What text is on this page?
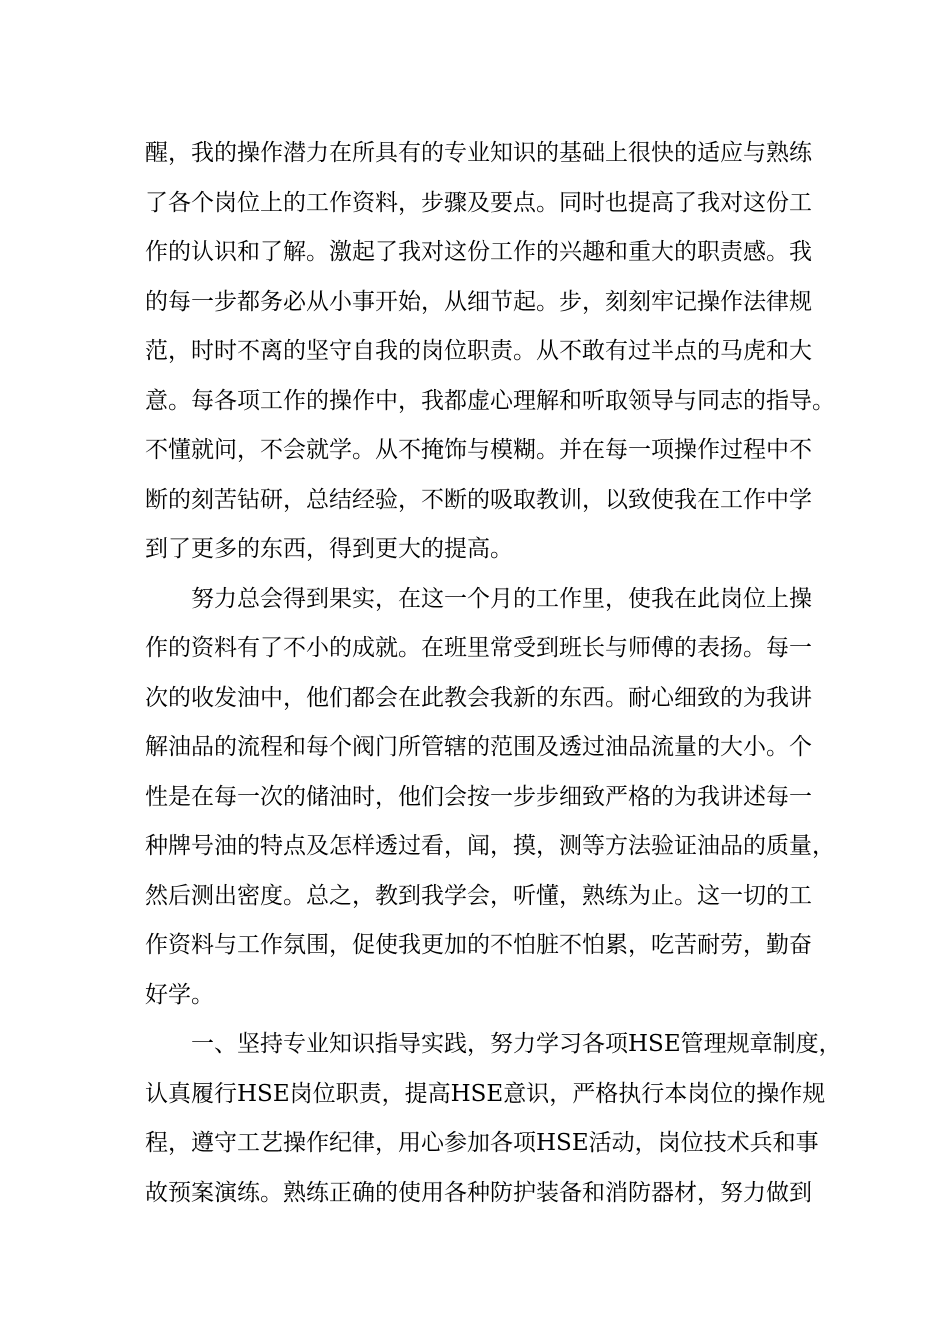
醒，我的操作潜力在所具有的专业知识的基础上很快的适应与熟练
了各个岗位上的工作资料，步骤及要点。同时也提高了我对这份工
作的认识和了解。激起了我对这份工作的兴趣和重大的职责感。我
的每一步都务必从小事开始，从细节起。步，刻刻牢记操作法律规
范，时时不离的坚守自我的岗位职责。从不敢有过半点的马虎和大
意。每各项工作的操作中，我都虚心理解和听取领导与同志的指导。
不懂就问，不会就学。从不掩饰与模糊。并在每一项操作过程中不
断的刻苦钻研，总结经验，不断的吸取教训，以致使我在工作中学
到了更多的东西，得到更大的提高。
努力总会得到果实，在这一个月的工作里，使我在此岗位上操
作的资料有了不小的成就。在班里常受到班长与师傅的表扬。每一
次的收发油中，他们都会在此教会我新的东西。耐心细致的为我讲
解油品的流程和每个阀门所管辖的范围及透过油品流量的大小。个
性是在每一次的储油时，他们会按一步步细致严格的为我讲述每一
种牌号油的特点及怎样透过看，闻，摸，测等方法验证油品的质量，
然后测出密度。总之，教到我学会，听懂，熟练为止。这一切的工
作资料与工作氛围，促使我更加的不怕脏不怕累，吃苦耐劳，勤奋
好学。
一、坚持专业知识指导实践，努力学习各项HSE管理规章制度，
认真履行HSE岗位职责，提高HSE意识，严格执行本岗位的操作规
程，遵守工艺操作纪律，用心参加各项HSE活动，岗位技术兵和事
故预案演练。熟练正确的使用各种防护装备和消防器材，努力做到
